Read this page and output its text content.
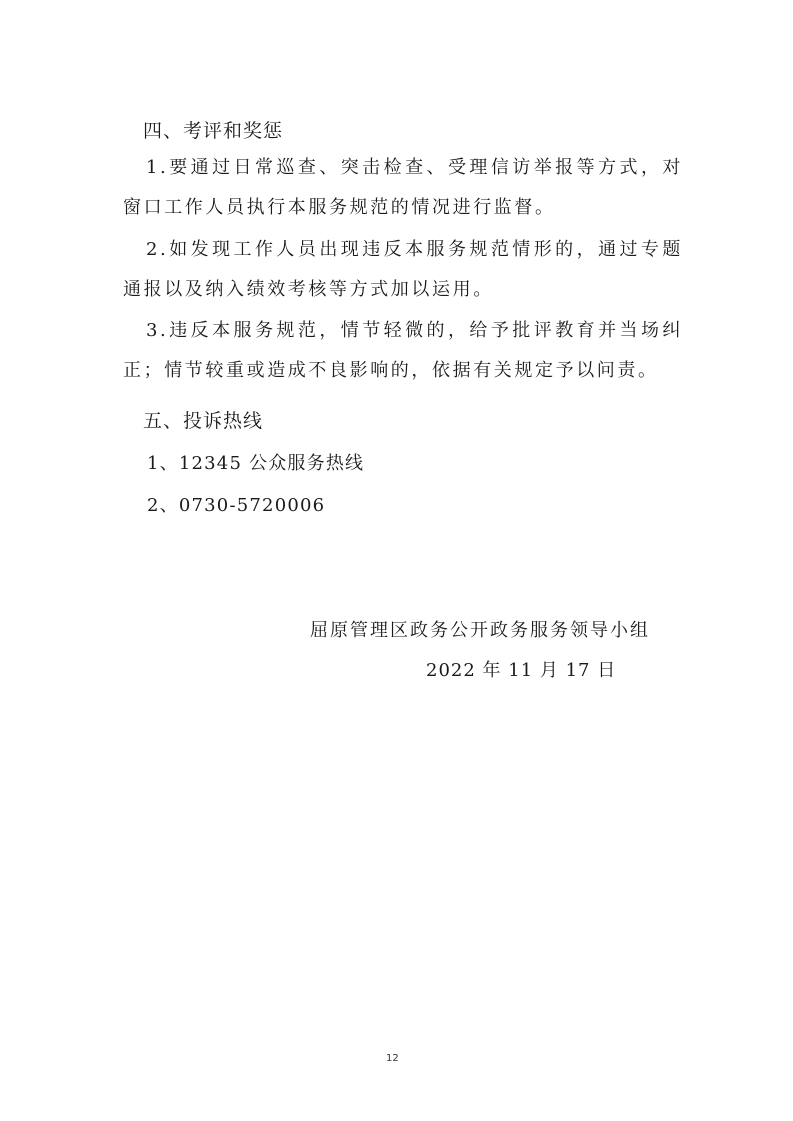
四、考评和奖惩
1.要通过日常巡查、突击检查、受理信访举报等方式，对窗口工作人员执行本服务规范的情况进行监督。
2.如发现工作人员出现违反本服务规范情形的，通过专题通报以及纳入绩效考核等方式加以运用。
3.违反本服务规范，情节轻微的，给予批评教育并当场纠正；情节较重或造成不良影响的，依据有关规定予以问责。
五、投诉热线
1、12345 公众服务热线
2、0730-5720006
屈原管理区政务公开政务服务领导小组
2022 年 11 月 17 日
12
